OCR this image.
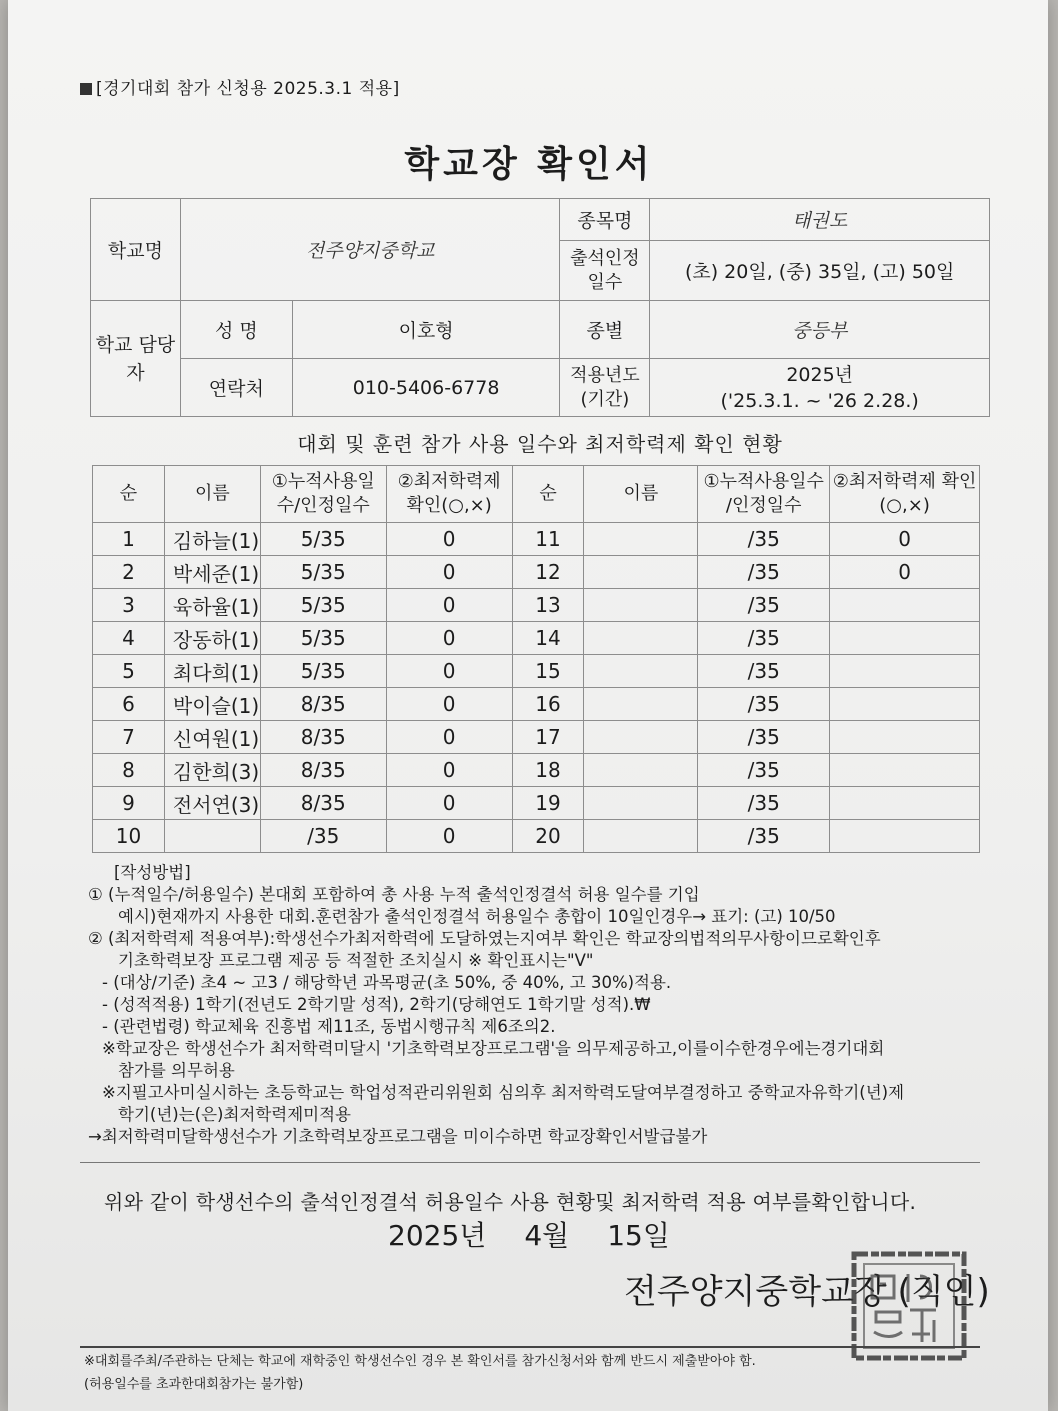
[경기대회 참가 신청용 2025.3.1 적용]
학교장 확인서
학교명	전주양지중학교		종목명	태권도
			출석인정 일수	(초) 20일, (중) 35일, (고) 50일
학교 담당자	성 명	이호형	종별	중등부
	연락처	010-5406-6778	적용년도 (기간)	2025년
('25.3.1. ~ '26 2.28.)
대회 및 훈련 참가 사용 일수와 최저학력제 확인 현황
순	이름	①누적사용일 수/인정일수	②최저학력제 확인(○,×)	순	이름	①누적사용일수 /인정일수	②최저학력제 확인(○,×)
1	김하늘(1)	5/35	0	11		/35	0
2	박세준(1)	5/35	0	12		/35	0
3	육하율(1)	5/35	0	13		/35	
4	장동하(1)	5/35	0	14		/35	
5	최다희(1)	5/35	0	15		/35	
6	박이슬(1)	8/35	0	16		/35	
7	신여원(1)	8/35	0	17		/35	
8	김한희(3)	8/35	0	18		/35	
9	전서연(3)	8/35	0	19		/35	
10		/35	0	20		/35	
[작성방법]
① (누적일수/허용일수) 본대회 포함하여 총 사용 누적 출석인정결석 허용 일수를 기입
예시)현재까지 사용한 대회.훈련참가 출석인정결석 허용일수 총합이 10일인경우→ 표기: (고) 10/50
② (최저학력제 적용여부):학생선수가최저학력에 도달하였는지여부 확인은 학교장의법적의무사항이므로확인후
기초학력보장 프로그램 제공 등 적절한 조치실시 ※ 확인표시는"V"
- (대상/기준) 초4 ~ 고3 / 해당학년 과목평균(초 50%, 중 40%, 고 30%)적용.
- (성적적용) 1학기(전년도 2학기말 성적), 2학기(당해연도 1학기말 성적).₩
- (관련법령) 학교체육 진흥법 제11조, 동법시행규칙 제6조의2.
※학교장은 학생선수가 최저학력미달시 '기초학력보장프로그램'을 의무제공하고,이를이수한경우에는경기대회
참가를 의무허용
※지필고사미실시하는 초등학교는 학업성적관리위원회 심의후 최저학력도달여부결정하고 중학교자유학기(년)제
학기(년)는(은)최저학력제미적용
→최저학력미달학생선수가 기초학력보장프로그램을 미이수하면 학교장확인서발급불가
위와 같이 학생선수의 출석인정결석 허용일수 사용 현황및 최저학력 적용 여부를확인합니다.
2025년 4월 15일
전주양지중학교장 (직인)
※대회를주최/주관하는 단체는 학교에 재학중인 학생선수인 경우 본 확인서를 참가신청서와 함께 반드시 제출받아야 함.
(허용일수를 초과한대회참가는 불가함)
